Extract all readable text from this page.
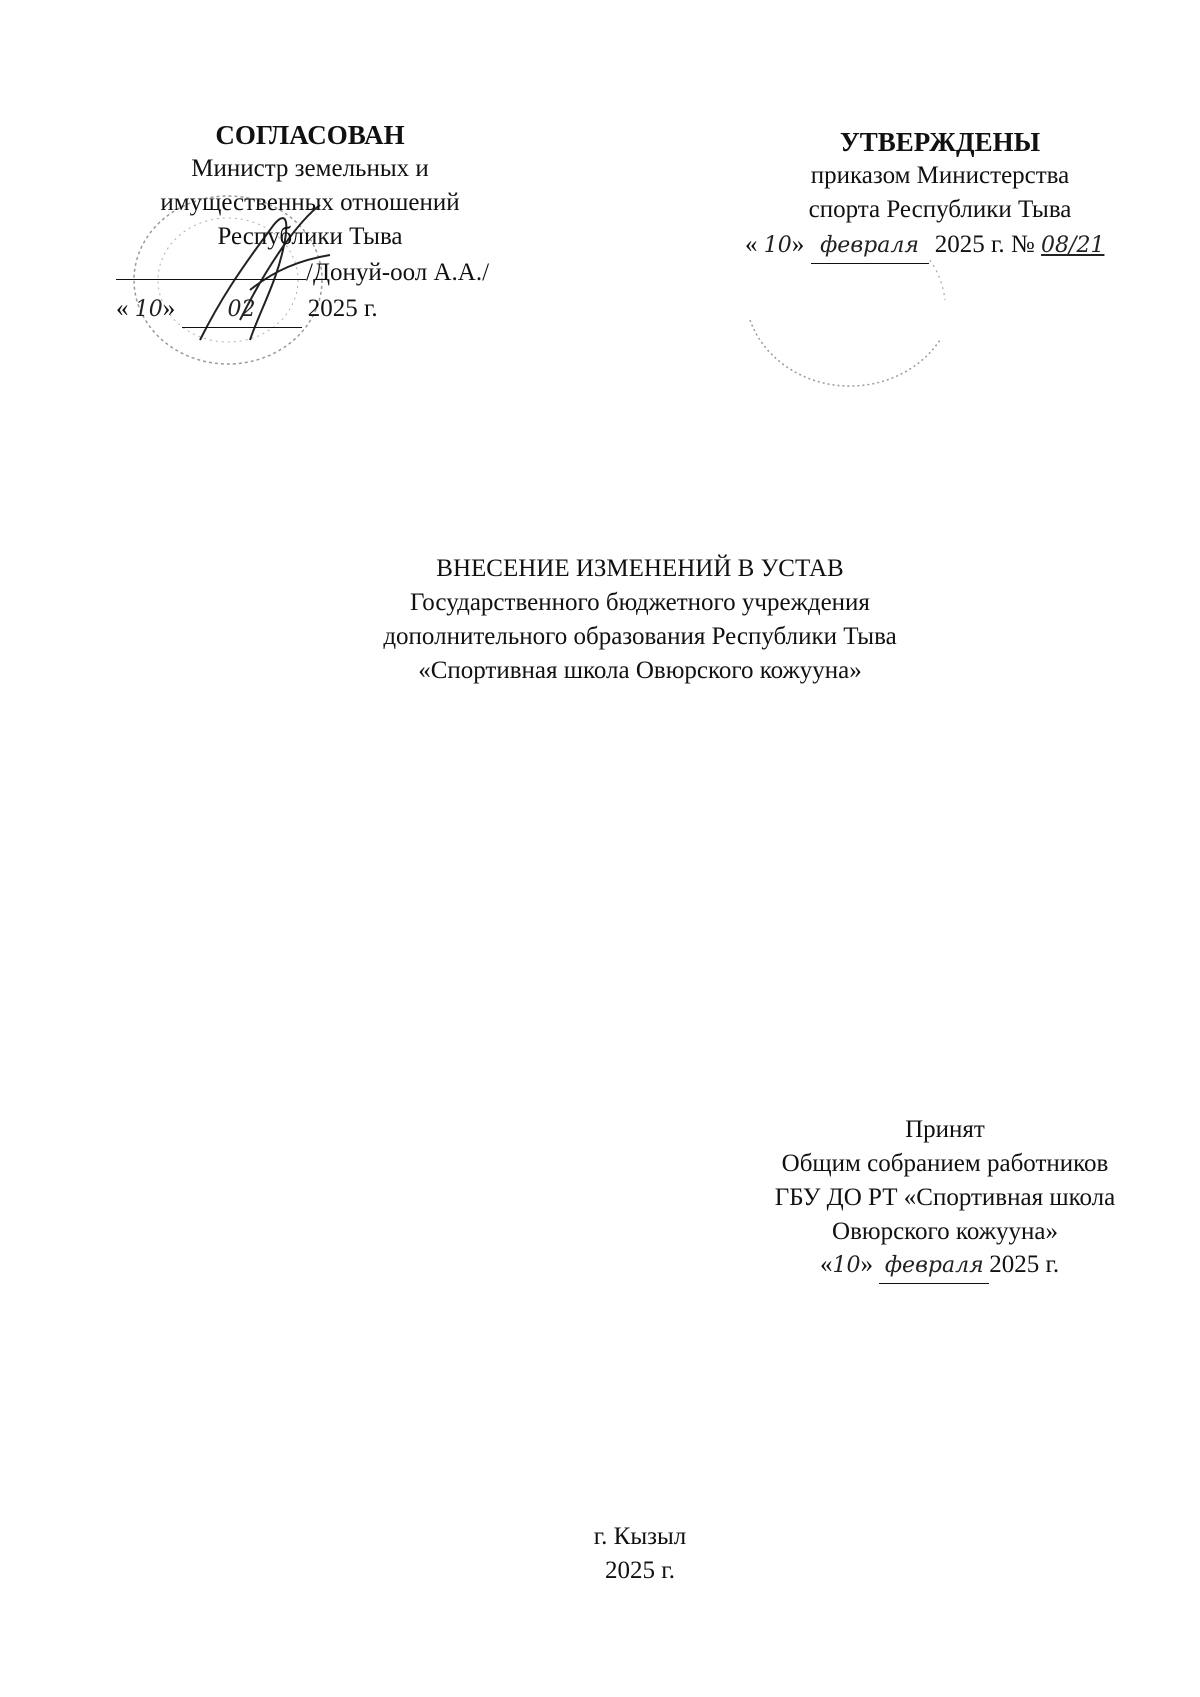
СОГЛАСОВАН
Министр земельных и
имущественных отношений
Республики Тыва
/Донуй-оол А.А./
« 10» 02 2025 г.
УТВЕРЖДЕНЫ
приказом Министерства
спорта Республики Тыва
« 10» февраля 2025 г. № 08/21
ВНЕСЕНИЕ ИЗМЕНЕНИЙ В УСТАВ
Государственного бюджетного учреждения
дополнительного образования Республики Тыва
«Спортивная школа Овюрского кожууна»
Принят
Общим собранием работников
ГБУ ДО РТ «Спортивная школа
Овюрского кожууна»
«10» февраля 2025 г.
г. Кызыл
2025 г.
